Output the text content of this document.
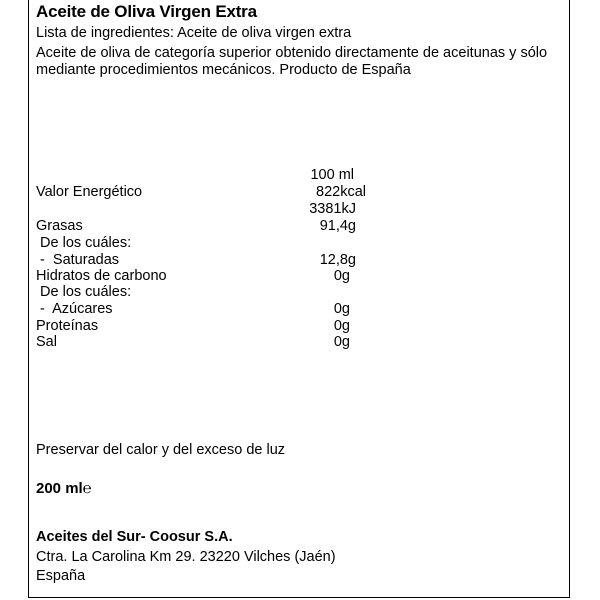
Aceite de Oliva Virgen Extra
Lista de ingredientes: Aceite de oliva virgen extra
Aceite de oliva de categoría superior obtenido directamente de aceitunas y sólo mediante procedimientos mecánicos. Producto de España
100 ml
Valor Energético	822kcal
3381kJ
Grasas	91,4g
De los cuáles:
-  Saturadas	12,8g
Hidratos de carbono	0g
De los cuáles:
-  Azúcares	0g
Proteínas	0g
Sal	0g
Preservar del calor y del exceso de luz
200 ml℮
Aceites del Sur- Coosur S.A.
Ctra. La Carolina Km 29. 23220 Vilches (Jaén)
España
